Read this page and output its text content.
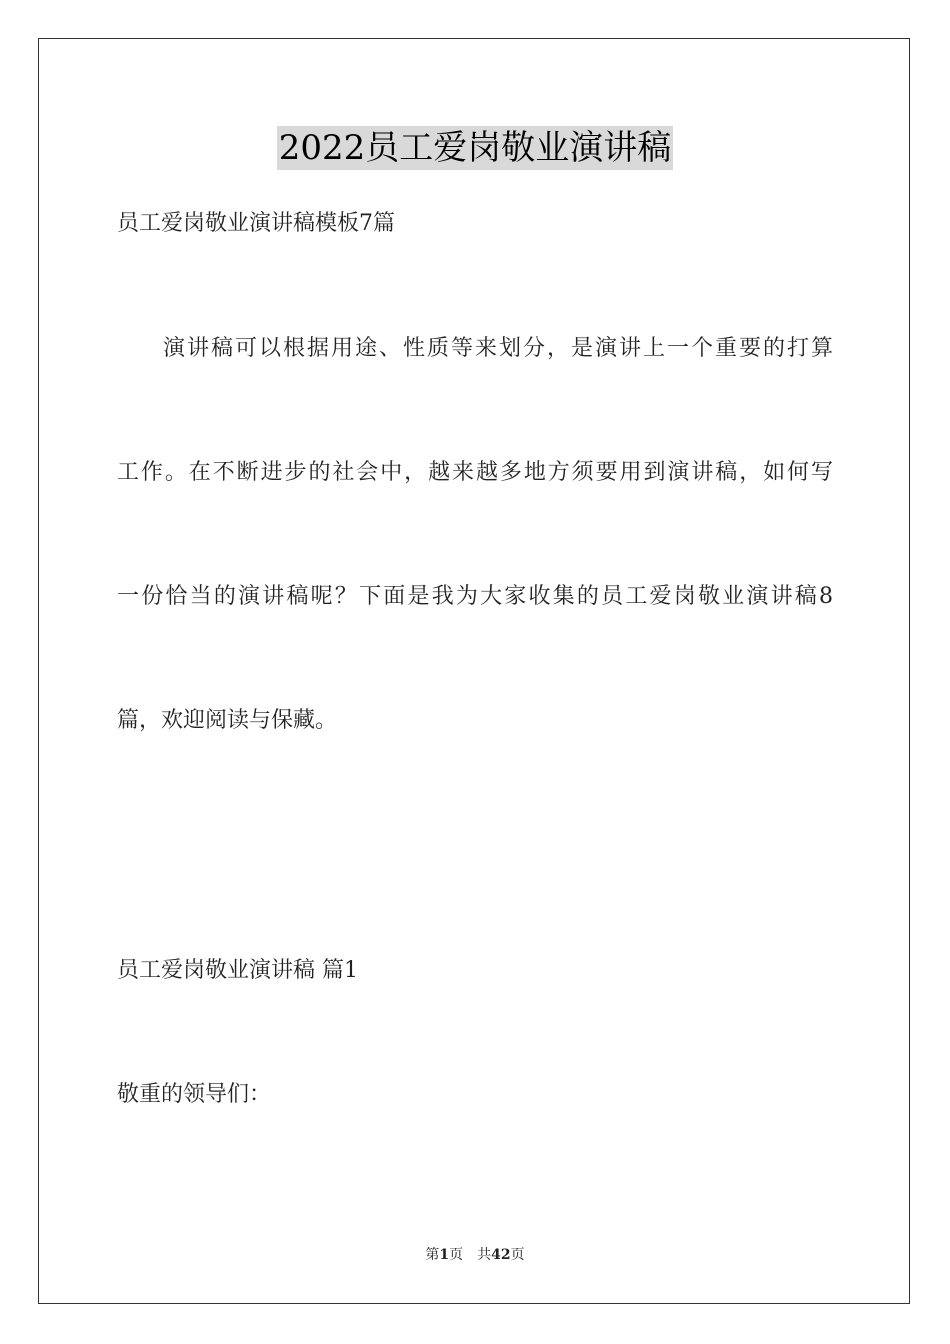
2022员工爱岗敬业演讲稿
员工爱岗敬业演讲稿模板7篇
演讲稿可以根据用途、性质等来划分，是演讲上一个重要的打算
工作。在不断进步的社会中，越来越多地方须要用到演讲稿，如何写
一份恰当的演讲稿呢？下面是我为大家收集的员工爱岗敬业演讲稿8
篇，欢迎阅读与保藏。
员工爱岗敬业演讲稿 篇1
敬重的领导们：
第1页 共42页
